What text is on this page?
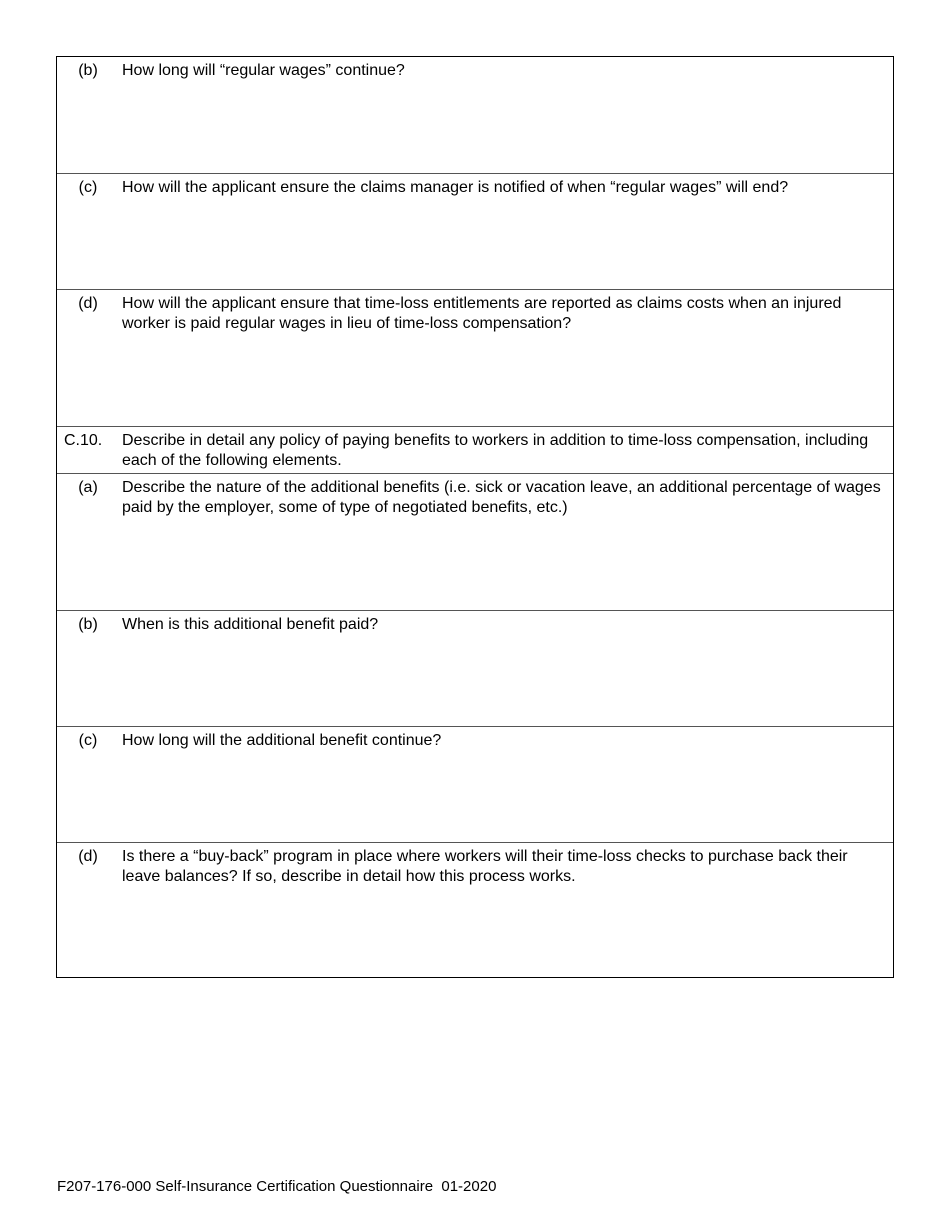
(b)	How long will “regular wages” continue?
(c)	How will the applicant ensure the claims manager is notified of when “regular wages” will end?
(d)	How will the applicant ensure that time-loss entitlements are reported as claims costs when an injured worker is paid regular wages in lieu of time-loss compensation?
C.10.	Describe in detail any policy of paying benefits to workers in addition to time-loss compensation, including each of the following elements.
(a)	Describe the nature of the additional benefits (i.e. sick or vacation leave, an additional percentage of wages paid by the employer, some of type of negotiated benefits, etc.)
(b)	When is this additional benefit paid?
(c)	How long will the additional benefit continue?
(d)	Is there a “buy-back” program in place where workers will their time-loss checks to purchase back their leave balances? If so, describe in detail how this process works.
F207-176-000 Self-Insurance Certification Questionnaire  01-2020
